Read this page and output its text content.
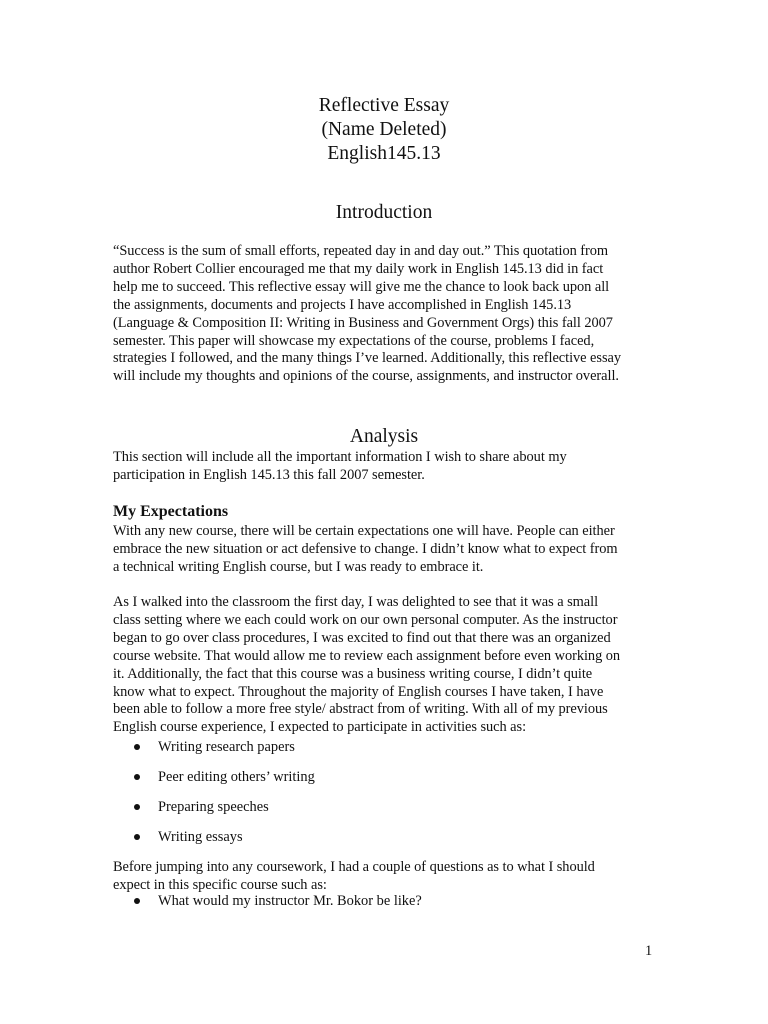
Reflective Essay
(Name Deleted)
English145.13
Introduction
“Success is the sum of small efforts, repeated day in and day out.” This quotation from
author Robert Collier encouraged me that my daily work in English 145.13 did in fact
help me to succeed. This reflective essay will give me the chance to look back upon all
the assignments, documents and projects I have accomplished in English 145.13
(Language & Composition II: Writing in Business and Government Orgs) this fall 2007
semester. This paper will showcase my expectations of the course, problems I faced,
strategies I followed, and the many things I’ve learned. Additionally, this reflective essay
will include my thoughts and opinions of the course, assignments, and instructor overall.
Analysis
This section will include all the important information I wish to share about my
participation in English 145.13 this fall 2007 semester.
My Expectations
With any new course, there will be certain expectations one will have. People can either
embrace the new situation or act defensive to change. I didn’t know what to expect from
a technical writing English course, but I was ready to embrace it.
As I walked into the classroom the first day, I was delighted to see that it was a small
class setting where we each could work on our own personal computer. As the instructor
began to go over class procedures, I was excited to find out that there was an organized
course website. That would allow me to review each assignment before even working on
it. Additionally, the fact that this course was a business writing course, I didn’t quite
know what to expect. Throughout the majority of English courses I have taken, I have
been able to follow a more free style/ abstract from of writing. With all of my previous
English course experience, I expected to participate in activities such as:
Writing research papers
Peer editing others’ writing
Preparing speeches
Writing essays
Before jumping into any coursework, I had a couple of questions as to what I should
expect in this specific course such as:
What would my instructor Mr. Bokor be like?
1
